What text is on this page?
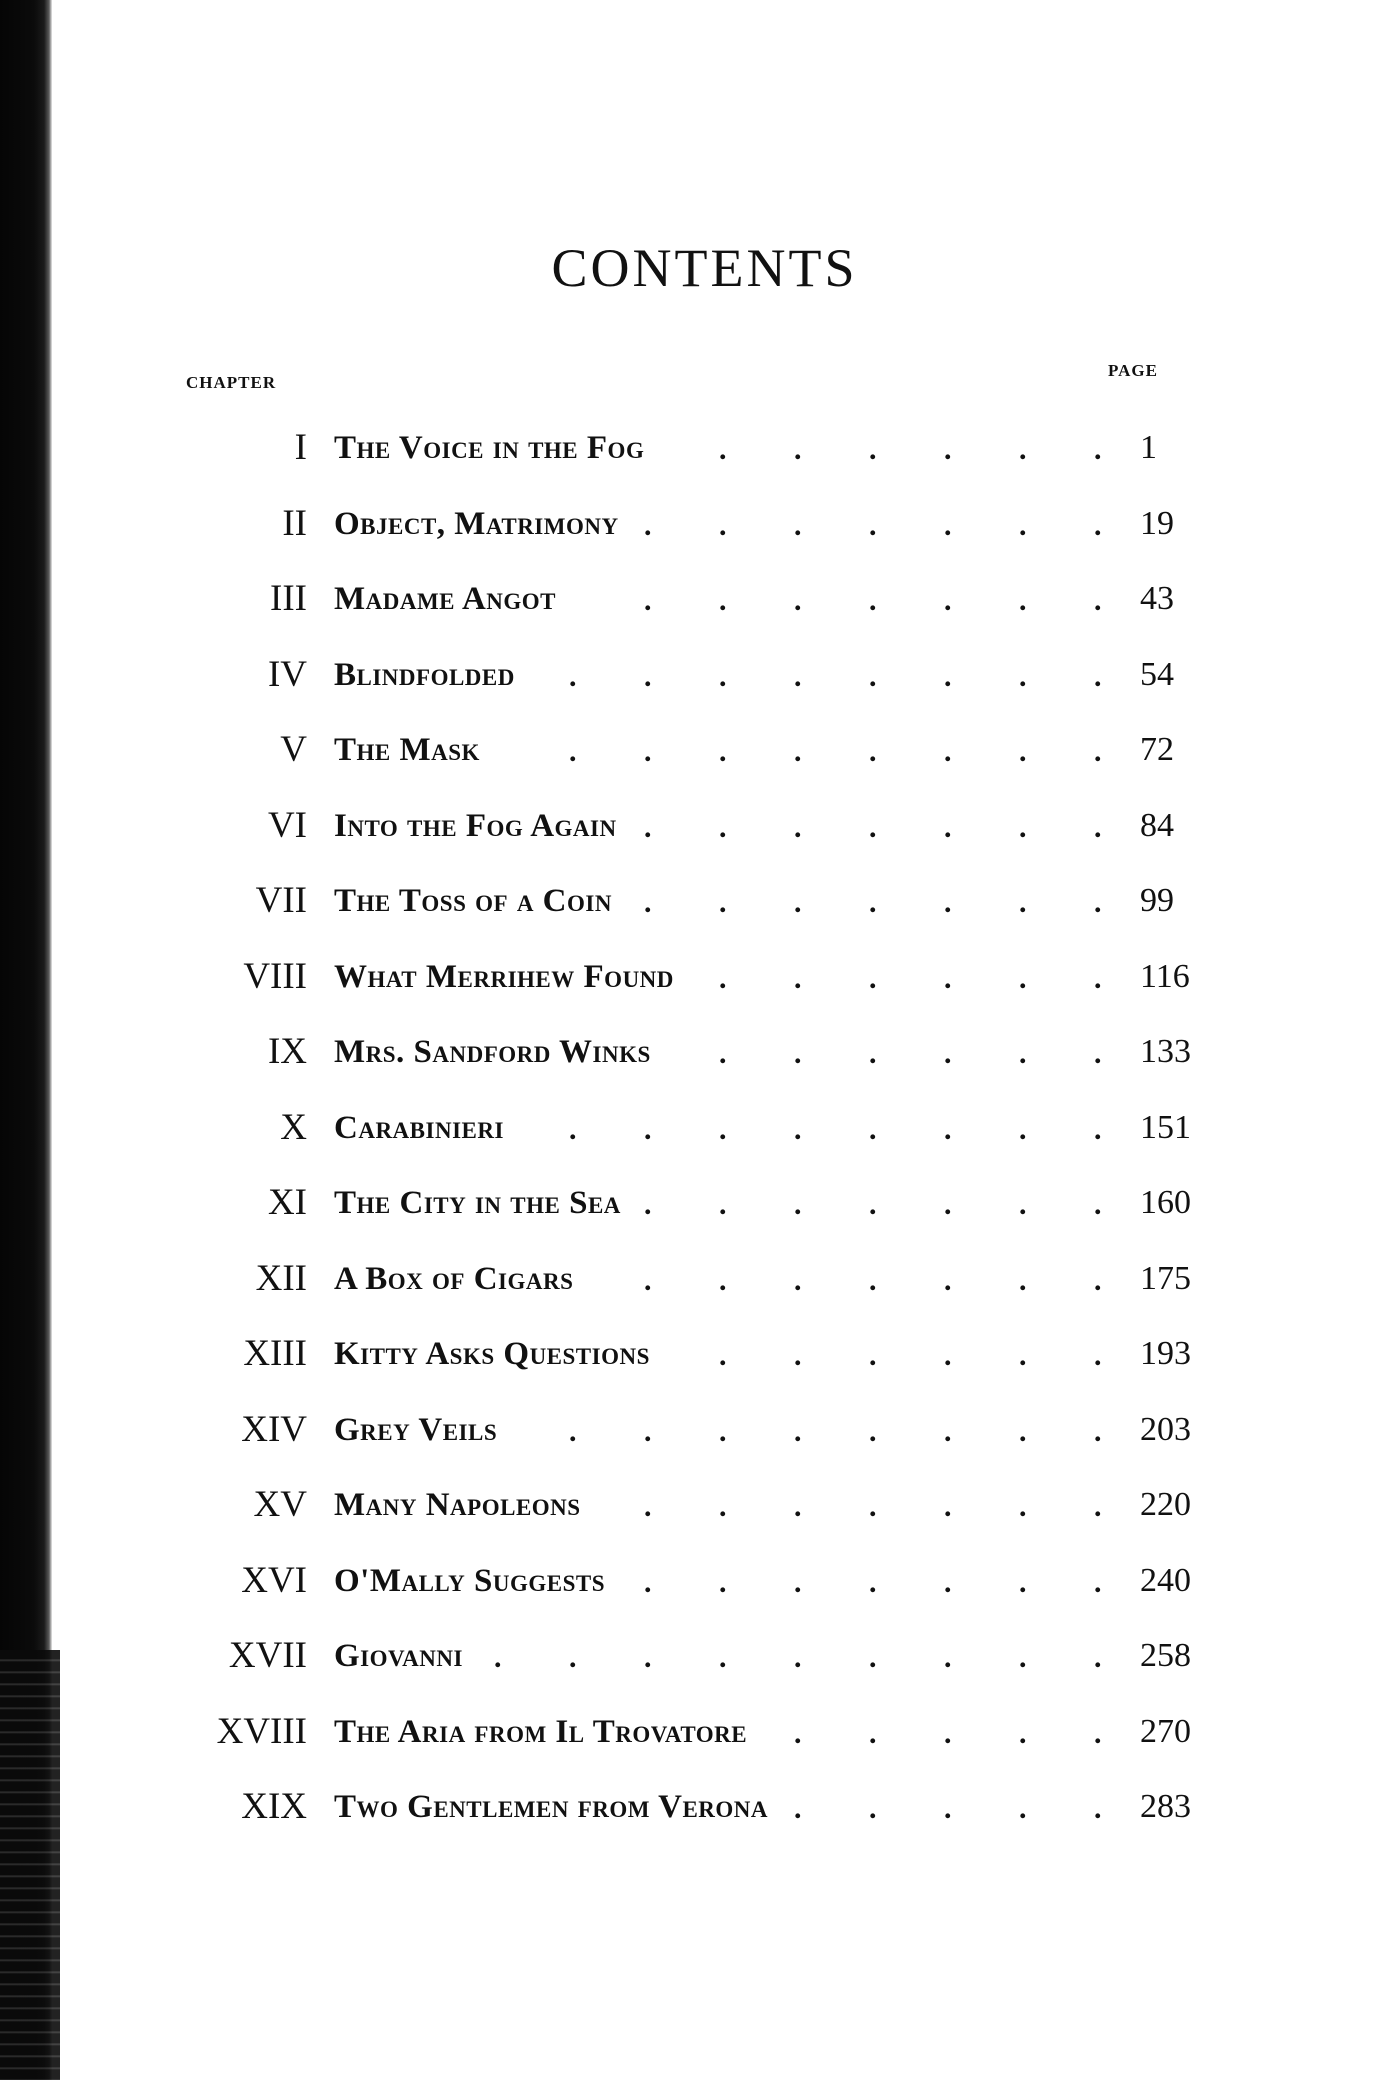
CONTENTS
CHAPTER
PAGE
I The Voice in the Fog	1
.
.
.
.
.
.
II Object, Matrimony	19
.
.
.
.
.
.
.
III Madame Angot	43
.
.
.
.
.
.
.
IV Blindfolded	54
.
.
.
.
.
.
.
.
V The Mask	72
.
.
.
.
.
.
.
.
VI Into the Fog Again	84
.
.
.
.
.
.
.
VII The Toss of a Coin	99
.
.
.
.
.
.
.
VIII What Merrihew Found	116
.
.
.
.
.
.
IX Mrs. Sandford Winks	133
.
.
.
.
.
.
X Carabinieri	151
.
.
.
.
.
.
.
.
XI The City in the Sea	160
.
.
.
.
.
.
.
XII A Box of Cigars	175
.
.
.
.
.
.
.
XIII Kitty Asks Questions	193
.
.
.
.
.
.
XIV Grey Veils	203
.
.
.
.
.
.
.
.
XV Many Napoleons	220
.
.
.
.
.
.
.
XVI O'Mally Suggests	240
.
.
.
.
.
.
.
XVII Giovanni	258
.
.
.
.
.
.
.
.
.
XVIII The Aria from Il Trovatore	270
.
.
.
.
.
XIX Two Gentlemen from Verona	283
.
.
.
.
.
